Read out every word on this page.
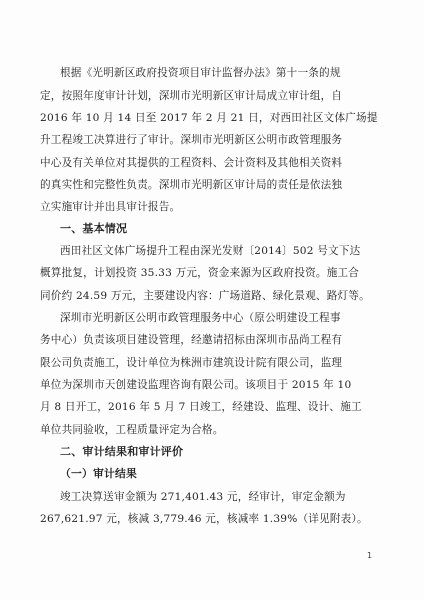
根据《光明新区政府投资项目审计监督办法》第十一条的规
定，按照年度审计计划，深圳市光明新区审计局成立审计组，自
2016 年 10 月 14 日至 2017 年 2 月 21 日，对西田社区文体广场提
升工程竣工决算进行了审计。深圳市光明新区公明市政管理服务
中心及有关单位对其提供的工程资料、会计资料及其他相关资料
的真实性和完整性负责。深圳市光明新区审计局的责任是依法独
立实施审计并出具审计报告。
一、基本情况
西田社区文体广场提升工程由深光发财〔2014〕502 号文下达
概算批复，计划投资 35.33 万元，资金来源为区政府投资。施工合
同价约 24.59 万元，主要建设内容：广场道路、绿化景观、路灯等。
深圳市光明新区公明市政管理服务中心（原公明建设工程事
务中心）负责该项目建设管理，经邀请招标由深圳市品尚工程有
限公司负责施工，设计单位为株洲市建筑设计院有限公司，监理
单位为深圳市天创建设监理咨询有限公司。该项目于 2015 年 10
月 8 日开工，2016 年 5 月 7 日竣工，经建设、监理、设计、施工
单位共同验收，工程质量评定为合格。
二、审计结果和审计评价
（一）审计结果
竣工决算送审金额为 271,401.43 元，经审计，审定金额为
267,621.97 元，核减 3,779.46 元，核减率 1.39%（详见附表）。
1
